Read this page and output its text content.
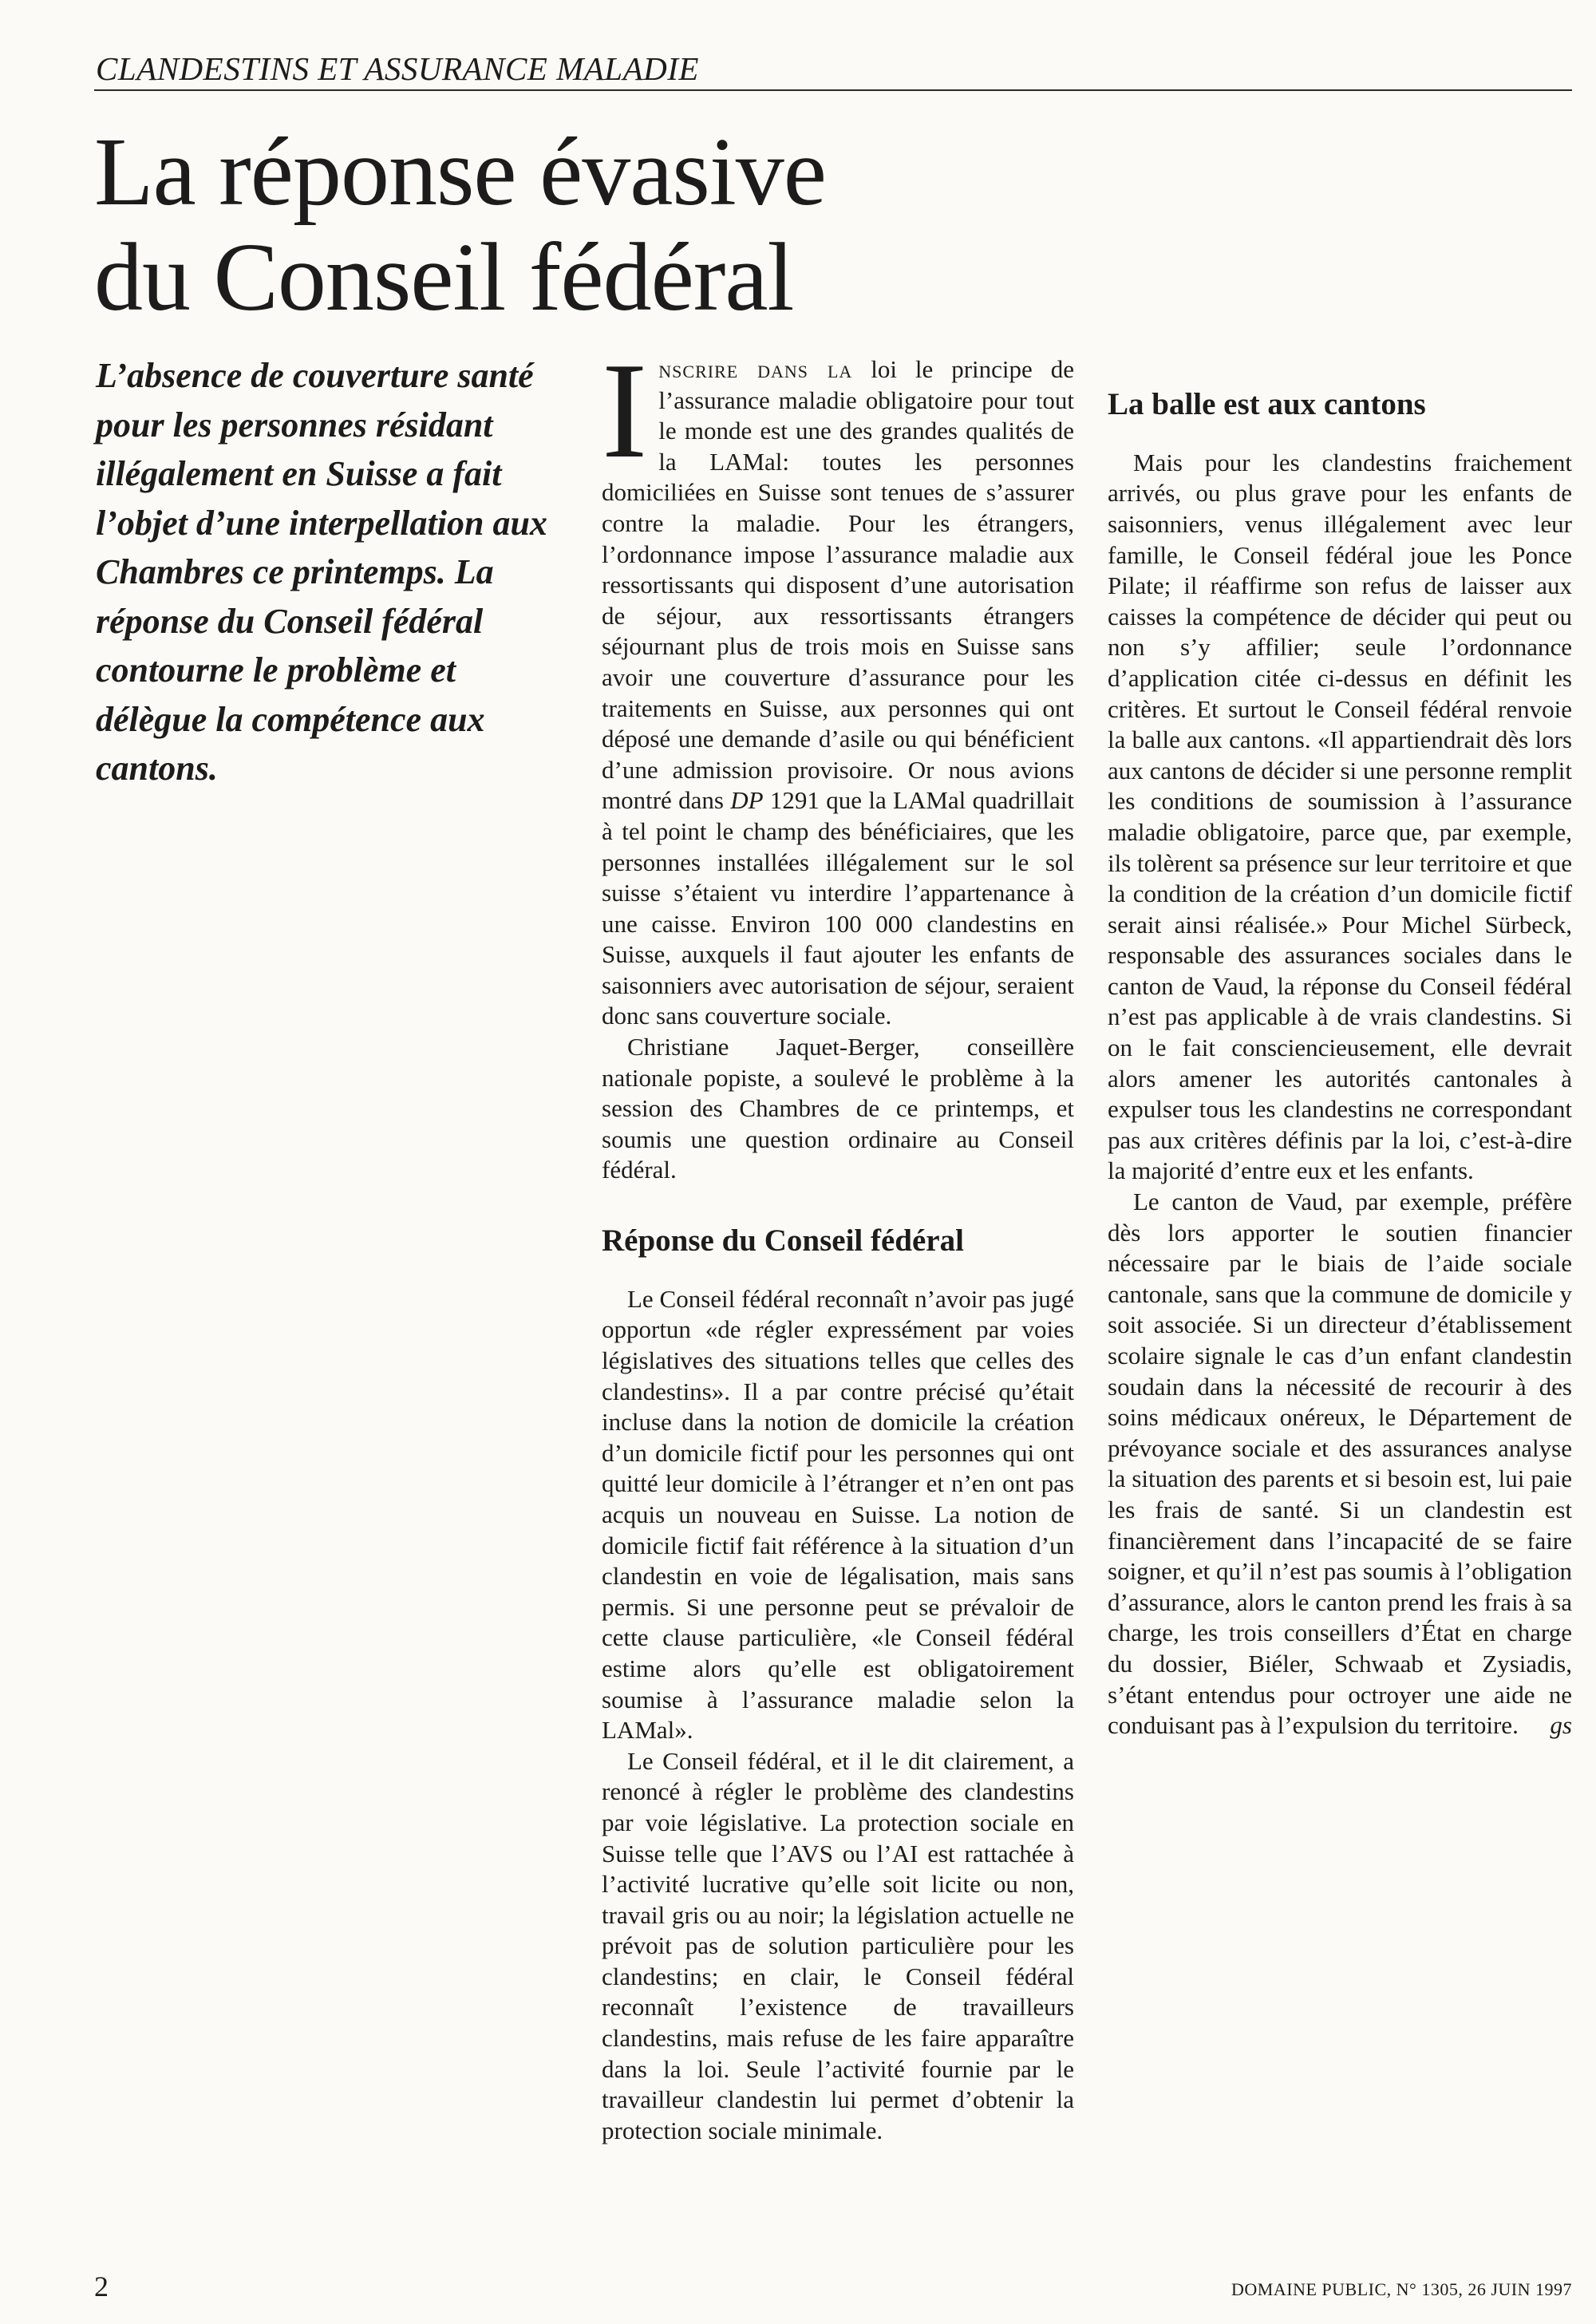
CLANDESTINS ET ASSURANCE MALADIE
La réponse évasive
du Conseil fédéral

L’absence de couverture santé pour les personnes résidant illégalement en Suisse a fait l’objet d’une interpellation aux Chambres ce printemps. La réponse du Conseil fédéral contourne le problème et délègue la compétence aux cantons.

Inscrire dans la loi le principe de l’assurance maladie obligatoire pour tout le monde est une des grandes qualités de la LAMal: toutes les personnes domiciliées en Suisse sont tenues de s’assurer contre la maladie. Pour les étrangers, l’ordonnance impose l’assurance maladie aux ressortissants qui disposent d’une autorisation de séjour, aux ressortissants étrangers séjournant plus de trois mois en Suisse sans avoir une couverture d’assurance pour les traitements en Suisse, aux personnes qui ont déposé une demande d’asile ou qui bénéficient d’une admission provisoire. Or nous avions montré dans DP 1291 que la LAMal quadrillait à tel point le champ des bénéficiaires, que les personnes installées illégalement sur le sol suisse s’étaient vu interdire l’appartenance à une caisse. Environ 100 000 clandestins en Suisse, auxquels il faut ajouter les enfants de saisonniers avec autorisation de séjour, seraient donc sans couverture sociale.

Christiane Jaquet-Berger, conseillère nationale popiste, a soulevé le problème à la session des Chambres de ce printemps, et soumis une question ordinaire au Conseil fédéral.

Réponse du Conseil fédéral

Le Conseil fédéral reconnaît n’avoir pas jugé opportun «de régler expressément par voies législatives des situations telles que celles des clandestins». Il a par contre précisé qu’était incluse dans la notion de domicile la création d’un domicile fictif pour les personnes qui ont quitté leur domicile à l’étranger et n’en ont pas acquis un nouveau en Suisse. La notion de domicile fictif fait référence à la situation d’un clandestin en voie de légalisation, mais sans permis. Si une personne peut se prévaloir de cette clause particulière, «le Conseil fédéral estime alors qu’elle est obligatoirement soumise à l’assurance maladie selon la LAMal».

Le Conseil fédéral, et il le dit clairement, a renoncé à régler le problème des clandestins par voie législative. La protection sociale en Suisse telle que l’AVS ou l’AI est rattachée à l’activité lucrative qu’elle soit licite ou non, travail gris ou au noir; la législation actuelle ne prévoit pas de solution particulière pour les clandestins; en clair, le Conseil fédéral reconnaît l’existence de travailleurs clandestins, mais refuse de les faire apparaître dans la loi. Seule l’activité fournie par le travailleur clandestin lui permet d’obtenir la protection sociale minimale.

La balle est aux cantons

Mais pour les clandestins fraichement arrivés, ou plus grave pour les enfants de saisonniers, venus illégalement avec leur famille, le Conseil fédéral joue les Ponce Pilate; il réaffirme son refus de laisser aux caisses la compétence de décider qui peut ou non s’y affilier; seule l’ordonnance d’application citée ci-dessus en définit les critères. Et surtout le Conseil fédéral renvoie la balle aux cantons. «Il appartiendrait dès lors aux cantons de décider si une personne remplit les conditions de soumission à l’assurance maladie obligatoire, parce que, par exemple, ils tolèrent sa présence sur leur territoire et que la condition de la création d’un domicile fictif serait ainsi réalisée.» Pour Michel Sürbeck, responsable des assurances sociales dans le canton de Vaud, la réponse du Conseil fédéral n’est pas applicable à de vrais clandestins. Si on le fait consciencieusement, elle devrait alors amener les autorités cantonales à expulser tous les clandestins ne correspondant pas aux critères définis par la loi, c’est-à-dire la majorité d’entre eux et les enfants.

Le canton de Vaud, par exemple, préfère dès lors apporter le soutien financier nécessaire par le biais de l’aide sociale cantonale, sans que la commune de domicile y soit associée. Si un directeur d’établissement scolaire signale le cas d’un enfant clandestin soudain dans la nécessité de recourir à des soins médicaux onéreux, le Département de prévoyance sociale et des assurances analyse la situation des parents et si besoin est, lui paie les frais de santé. Si un clandestin est financièrement dans l’incapacité de se faire soigner, et qu’il n’est pas soumis à l’obligation d’assurance, alors le canton prend les frais à sa charge, les trois conseillers d’État en charge du dossier, Biéler, Schwaab et Zysiadis, s’étant entendus pour octroyer une aide ne conduisant pas à l’expulsion du territoire. gs

2	DOMAINE PUBLIC, N° 1305, 26 JUIN 1997
